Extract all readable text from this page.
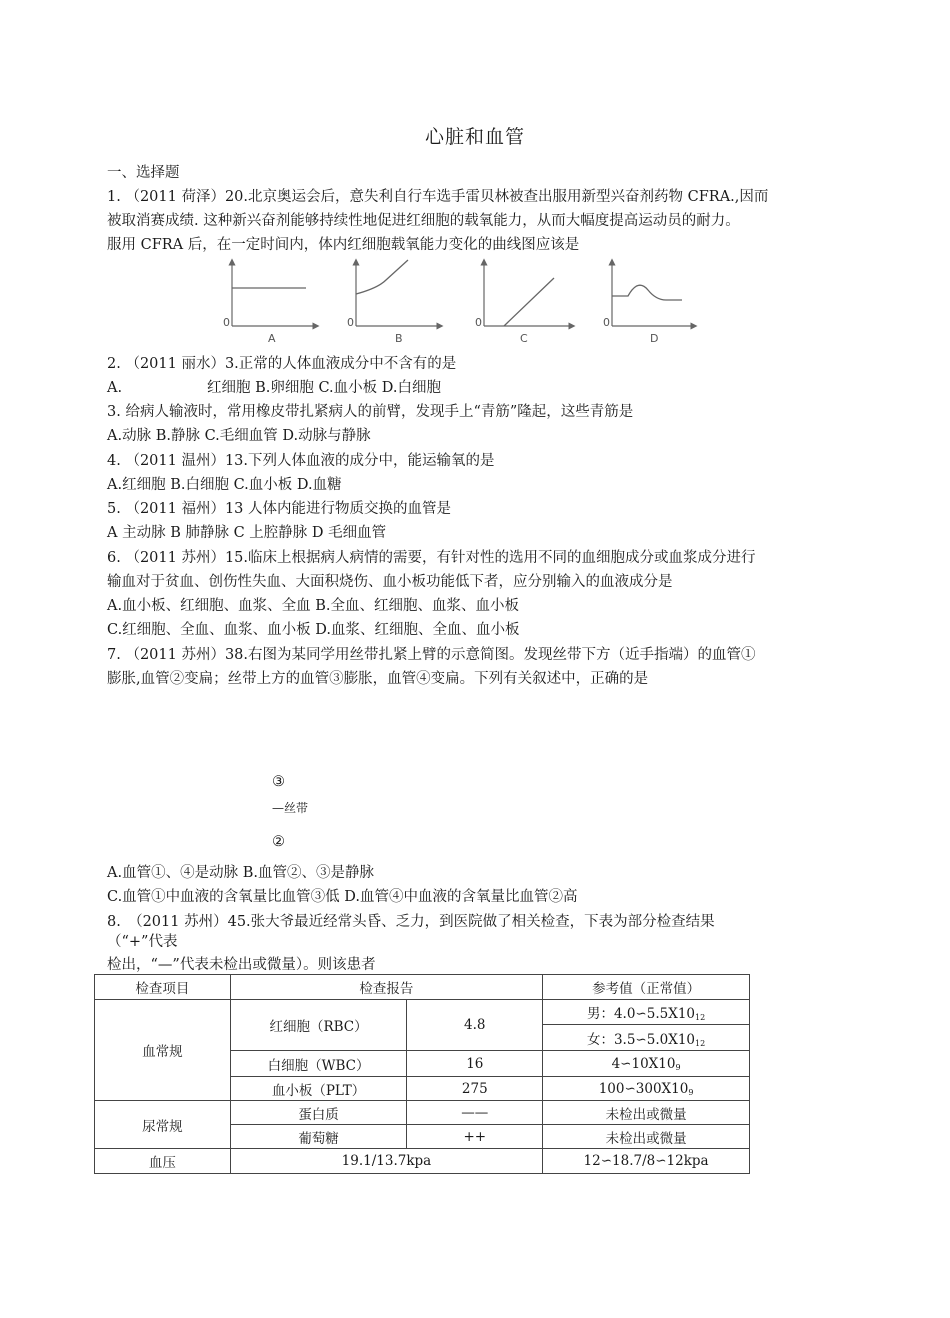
心脏和血管
一、选择题
1. （2011 荷泽）20.北京奥运会后，意失利自行车选手雷贝林被查出服用新型兴奋剂药物 CFRA.,因而
被取消赛成绩. 这种新兴奋剂能够持续性地促进红细胞的载氧能力，从而大幅度提高运动员的耐力。
服用 CFRA 后，在一定时间内，体内红细胞载氧能力变化的曲线图应该是
0
A
0
B
0
C
0
D
2. （2011 丽水）3.正常的人体血液成分中不含有的是
A.	红细胞 B.卵细胞 C.血小板 D.白细胞
3. 给病人输液时，常用橡皮带扎紧病人的前臂，发现手上“青筋”隆起，这些青筋是
A.动脉 B.静脉 C.毛细血管 D.动脉与静脉
4. （2011 温州）13.下列人体血液的成分中，能运输氧的是
A.红细胞 B.白细胞 C.血小板 D.血糖
5. （2011 福州）13 人体内能进行物质交换的血管是
A 主动脉 B 肺静脉 C 上腔静脉 D 毛细血管
6. （2011 苏州）15.临床上根据病人病情的需要，有针对性的选用不同的血细胞成分或血浆成分进行
输血对于贫血、创伤性失血、大面积烧伤、血小板功能低下者，应分别输入的血液成分是
A.血小板、红细胞、血浆、全血 B.全血、红细胞、血浆、血小板
C.红细胞、全血、血浆、血小板 D.血浆、红细胞、全血、血小板
7. （2011 苏州）38.右图为某同学用丝带扎紧上臂的示意简图。发现丝带下方（近手指端）的血管①
膨胀,血管②变扁；丝带上方的血管③膨胀，血管④变扁。下列有关叙述中，正确的是
③
—丝带
②
A.血管①、④是动脉 B.血管②、③是静脉
C.血管①中血液的含氧量比血管③低 D.血管④中血液的含氧量比血管②高
8.　（2011 苏州）45.张大爷最近经常头昏、乏力，到医院做了相关检查，下表为部分检查结果
（“+”代表
检出，“—”代表未检出或微量）。则该患者
检查项目	检查报告		参考值（正常值）
血常规	红细胞（RBC）	4.8	男：$4.0∽5.5X10_{12}$
			女：$3.5∽5.0X10_{12}$
	白细胞（WBC）	16	$4∽10X10_9$
	血小板（PLT）	275	$100∽300X10_9$
尿常规	蛋白质	——	未检出或微量
	葡萄糖	++	未检出或微量
血压	19.1/13.7kpa		12∽18.7/8∽12kpa
